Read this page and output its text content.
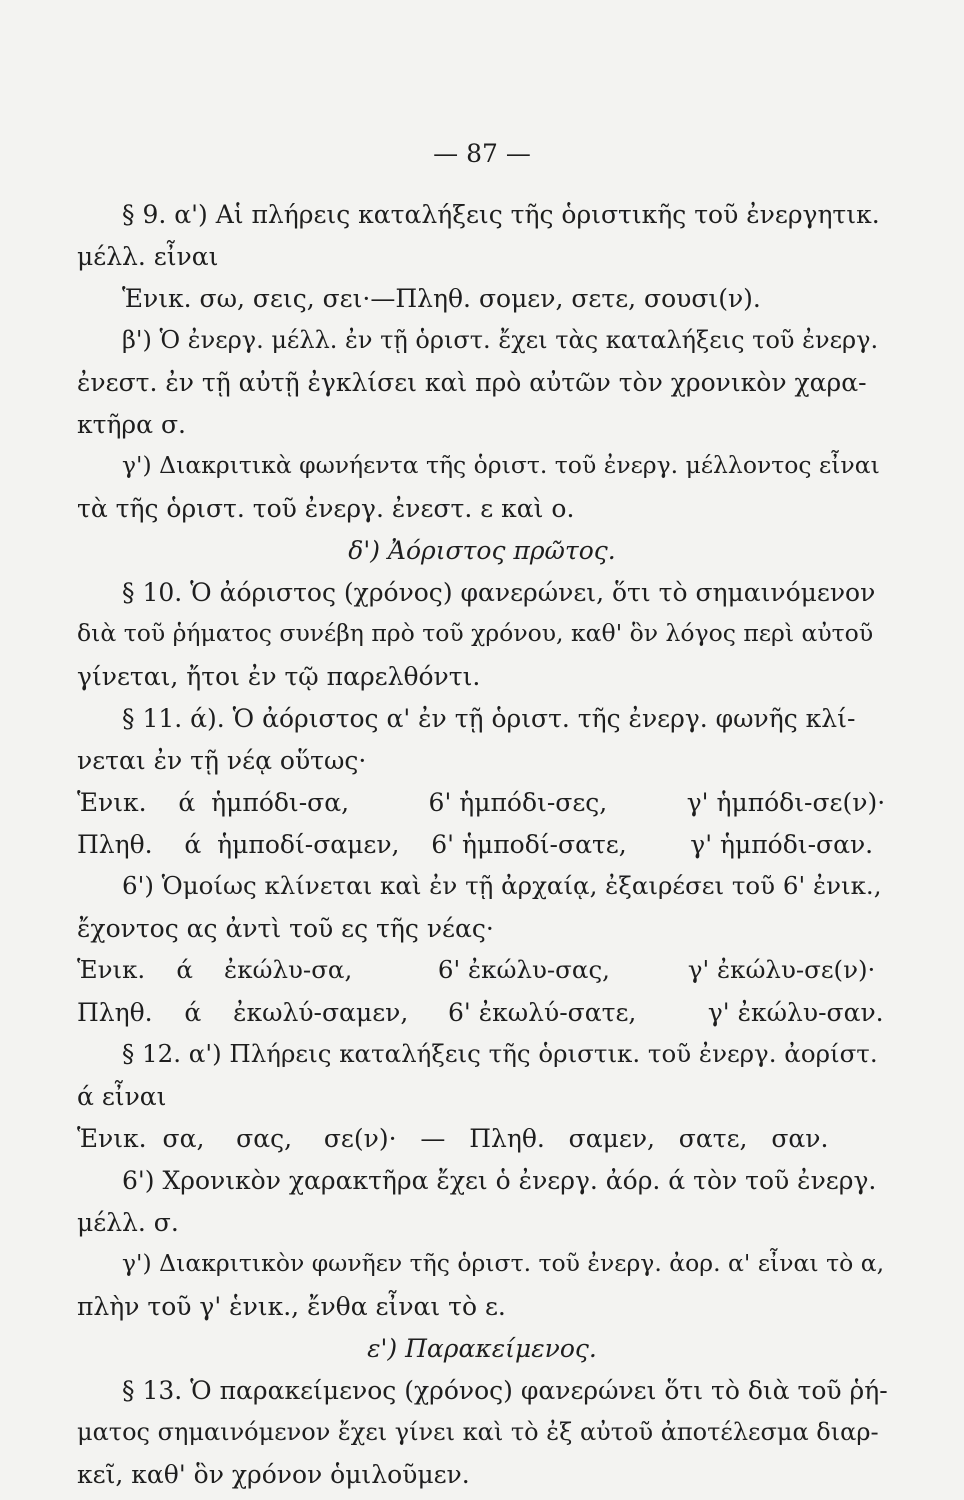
— 87 —
§ 9. α') Αἱ πλήρεις καταλήξεις τῆς ὁριστικῆς τοῦ ἐνεργητικ.
μέλλ. εἶναι
Ἑνικ. σω, σεις, σει·—Πληθ. σομεν, σετε, σουσι(ν).
β') Ὁ ἐνεργ. μέλλ. ἐν τῇ ὁριστ. ἔχει τὰς καταλήξεις τοῦ ἐνεργ.
ἐνεστ. ἐν τῇ αὐτῇ ἐγκλίσει καὶ πρὸ αὐτῶν τὸν χρονικὸν χαρα-
κτῆρα σ.
γ') Διακριτικὰ φωνήεντα τῆς ὁριστ. τοῦ ἐνεργ. μέλλοντος εἶναι
τὰ τῆς ὁριστ. τοῦ ἐνεργ. ἐνεστ. ε καὶ ο.
δ') Ἀόριστος πρῶτος.
§ 10. Ὁ ἀόριστος (χρόνος) φανερώνει, ὅτι τὸ σημαινόμενον
διὰ τοῦ ῥήματος συνέβη πρὸ τοῦ χρόνου, καθ' ὃν λόγος περὶ αὐτοῦ
γίνεται, ἤτοι ἐν τῷ παρελθόντι.
§ 11. ά). Ὁ ἀόριστος α' ἐν τῇ ὁριστ. τῆς ἐνεργ. φωνῆς κλί-
νεται ἐν τῇ νέᾳ οὕτως·
Ἑνικ.    ά  ἡμπόδι-σα,          6' ἡμπόδι-σες,          γ' ἡμπόδι-σε(ν)·
Πληθ.    ά  ἡμποδί-σαμεν,    6' ἡμποδί-σατε,        γ' ἡμπόδι-σαν.
6') Ὁμοίως κλίνεται καὶ ἐν τῇ ἀρχαίᾳ, ἐξαιρέσει τοῦ 6' ἐνικ.,
ἔχοντος ας ἀντὶ τοῦ ες τῆς νέας·
Ἑνικ.    ά    ἐκώλυ-σα,           6' ἐκώλυ-σας,          γ' ἐκώλυ-σε(ν)·
Πληθ.    ά    ἐκωλύ-σαμεν,     6' ἐκωλύ-σατε,         γ' ἐκώλυ-σαν.
§ 12. α') Πλήρεις καταλήξεις τῆς ὁριστικ. τοῦ ἐνεργ. ἀορίστ.
ά εἶναι
Ἑνικ.  σα,    σας,    σε(ν)·   —   Πληθ.   σαμεν,   σατε,   σαν.
6') Χρονικὸν χαρακτῆρα ἔχει ὁ ἐνεργ. ἀόρ. ά τὸν τοῦ ἐνεργ.
μέλλ. σ.
γ') Διακριτικὸν φωνῆεν τῆς ὁριστ. τοῦ ἐνεργ. ἀορ. α' εἶναι τὸ α,
πλὴν τοῦ γ' ἑνικ., ἔνθα εἶναι τὸ ε.
ε') Παρακείμενος.
§ 13. Ὁ παρακείμενος (χρόνος) φανερώνει ὅτι τὸ διὰ τοῦ ῥή-
ματος σημαινόμενον ἔχει γίνει καὶ τὸ ἐξ αὐτοῦ ἀποτέλεσμα διαρ-
κεῖ, καθ' ὃν χρόνον ὁμιλοῦμεν.
